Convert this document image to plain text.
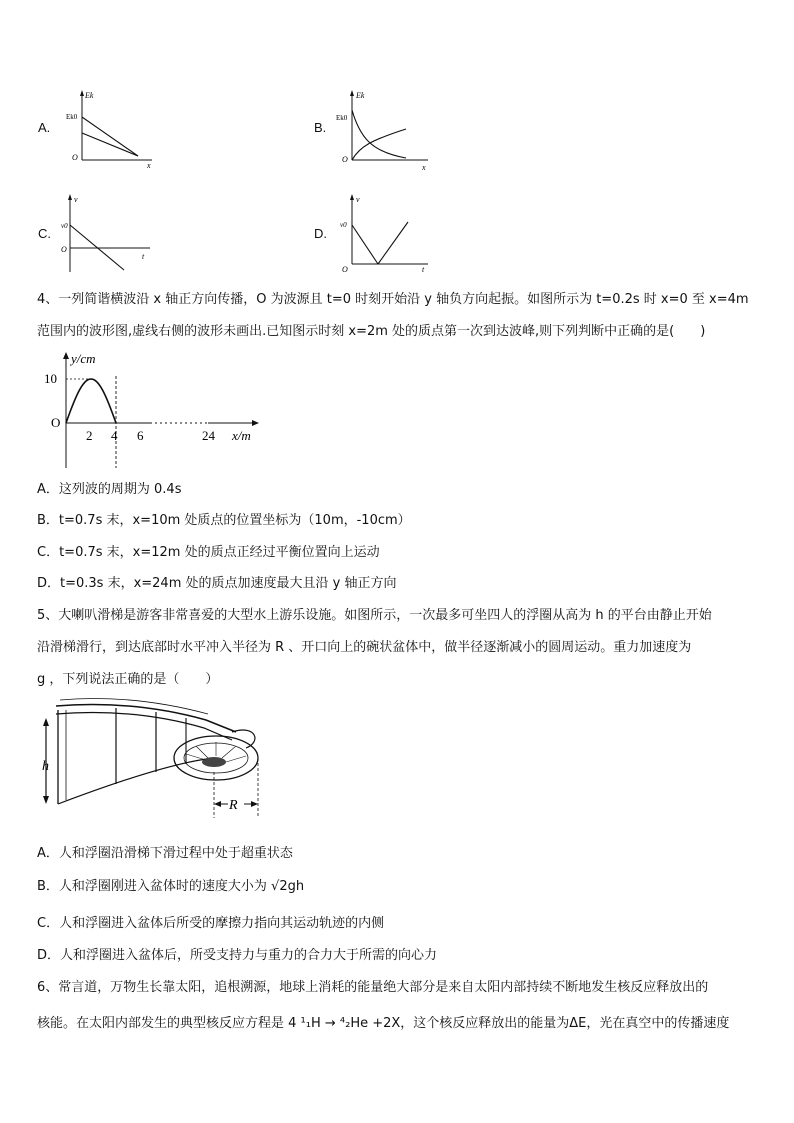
A.
Ek
Ek0
O
x
B.
Ek
Ek0
O
x
C.
v
v0
O
t
D.
v
v0
O	t
4、一列简谐横波沿 x 轴正方向传播，O 为波源且 t=0 时刻开始沿 y 轴负方向起振。如图所示为 t=0.2s 时 x=0 至 x=4m
范围内的波形图,虚线右侧的波形未画出.已知图示时刻 x=2m 处的质点第一次到达波峰,则下列判断中正确的是(　　)
10
O
2 4 6	24
y/cm
x/m
A．这列波的周期为 0.4s
B．t=0.7s 末，x=10m 处质点的位置坐标为（10m，-10cm）
C．t=0.7s 末，x=12m 处的质点正经过平衡位置向上运动
D．t=0.3s 末，x=24m 处的质点加速度最大且沿 y 轴正方向
5、大喇叭滑梯是游客非常喜爱的大型水上游乐设施。如图所示，一次最多可坐四人的浮圈从高为 h 的平台由静止开始
沿滑梯滑行，到达底部时水平冲入半径为 R 、开口向上的碗状盆体中，做半径逐渐减小的圆周运动。重力加速度为
g ，下列说法正确的是（　　）
h
R
A．人和浮圈沿滑梯下滑过程中处于超重状态
B．人和浮圈刚进入盆体时的速度大小为 √2gh
C．人和浮圈进入盆体后所受的摩擦力指向其运动轨迹的内侧
D．人和浮圈进入盆体后，所受支持力与重力的合力大于所需的向心力
6、常言道，万物生长靠太阳，追根溯源，地球上消耗的能量绝大部分是来自太阳内部持续不断地发生核反应释放出的
核能。在太阳内部发生的典型核反应方程是 4 ¹₁H → ⁴₂He +2X，这个核反应释放出的能量为ΔE，光在真空中的传播速度
